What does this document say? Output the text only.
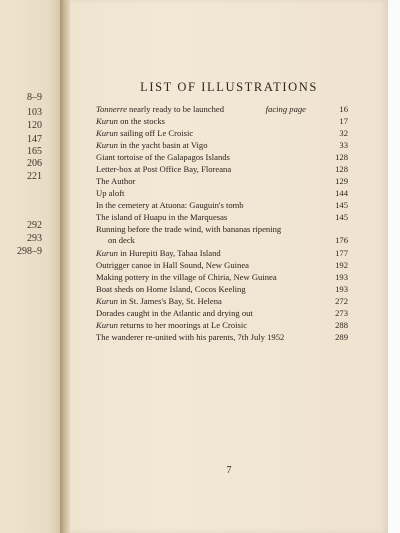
8–9
103
120
147
165
206
221
292
293
298–9
LIST OF ILLUSTRATIONS
Tonnerre nearly ready to be launched	facing page	16
Kurun on the stocks	17
Kurun sailing off Le Croisic	32
Kurun in the yacht basin at Vigo	33
Giant tortoise of the Galapagos Islands	128
Letter-box at Post Office Bay, Floreana	128
The Author	129
Up aloft	144
In the cemetery at Atuona: Gauguin's tomb	145
The island of Huapu in the Marquesas	145
Running before the trade wind, with bananas ripening
on deck	176
Kurun in Hurepiti Bay, Tahaa Island	177
Outrigger canoe in Hall Sound, New Guinea	192
Making pottery in the village of Chiria, New Guinea	193
Boat sheds on Home Island, Cocos Keeling	193
Kurun in St. James's Bay, St. Helena	272
Dorades caught in the Atlantic and drying out	273
Kurun returns to her moorings at Le Croisic	288
The wanderer re-united with his parents, 7th July 1952	289
7
